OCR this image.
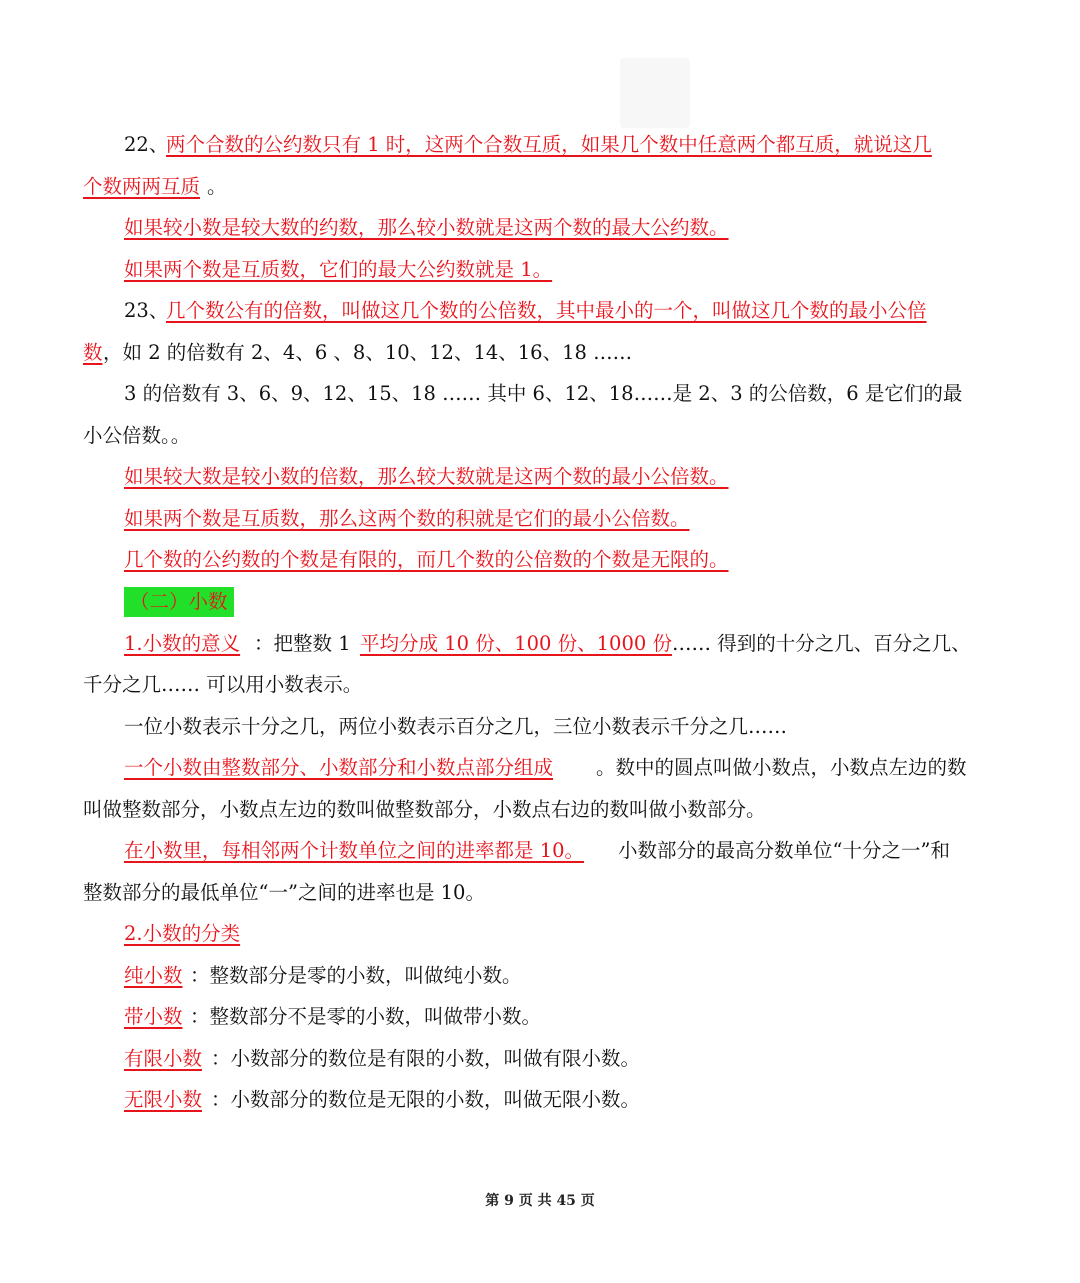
22、
两个合数的公约数只有 1 时，这两个合数互质，如果几个数中任意两个都互质，就说这几
个数两两互质 。
如果较小数是较大数的约数，那么较小数就是这两个数的最大公约数。
如果两个数是互质数，它们的最大公约数就是 1。
23、
几个数公有的倍数，叫做这几个数的公倍数，其中最小的一个，叫做这几个数的最小公倍
数 ，如 2 的倍数有 2、4、6 、8、10、12、14、16、18 ……
3 的倍数有 3、6、9、12、15、18 …… 其中 6、12、18……是 2、3 的公倍数，6 是它们的最
小公倍数。。
如果较大数是较小数的倍数，那么较大数就是这两个数的最小公倍数。
如果两个数是互质数，那么这两个数的积就是它们的最小公倍数。
几个数的公约数的个数是有限的，而几个数的公倍数的个数是无限的。
（二）小数
1.小数的意义 ：把整数 1 平均分成 10 份、100 份、1000 份 …… 得到的十分之几、百分之几、
千分之几…… 可以用小数表示。
一位小数表示十分之几，两位小数表示百分之几，三位小数表示千分之几……
一个小数由整数部分、小数部分和小数点部分组成 。数中的圆点叫做小数点，小数点左边的数
叫做整数部分，小数点左边的数叫做整数部分，小数点右边的数叫做小数部分。
在小数里，每相邻两个计数单位之间的进率都是 10。 小数部分的最高分数单位“十分之一”和
整数部分的最低单位“一”之间的进率也是 10。
2.小数的分类
纯小数 ：整数部分是零的小数，叫做纯小数。
带小数 ：整数部分不是零的小数，叫做带小数。
有限小数 ：小数部分的数位是有限的小数，叫做有限小数。
无限小数 ：小数部分的数位是无限的小数，叫做无限小数。
第 9 页 共 45 页
